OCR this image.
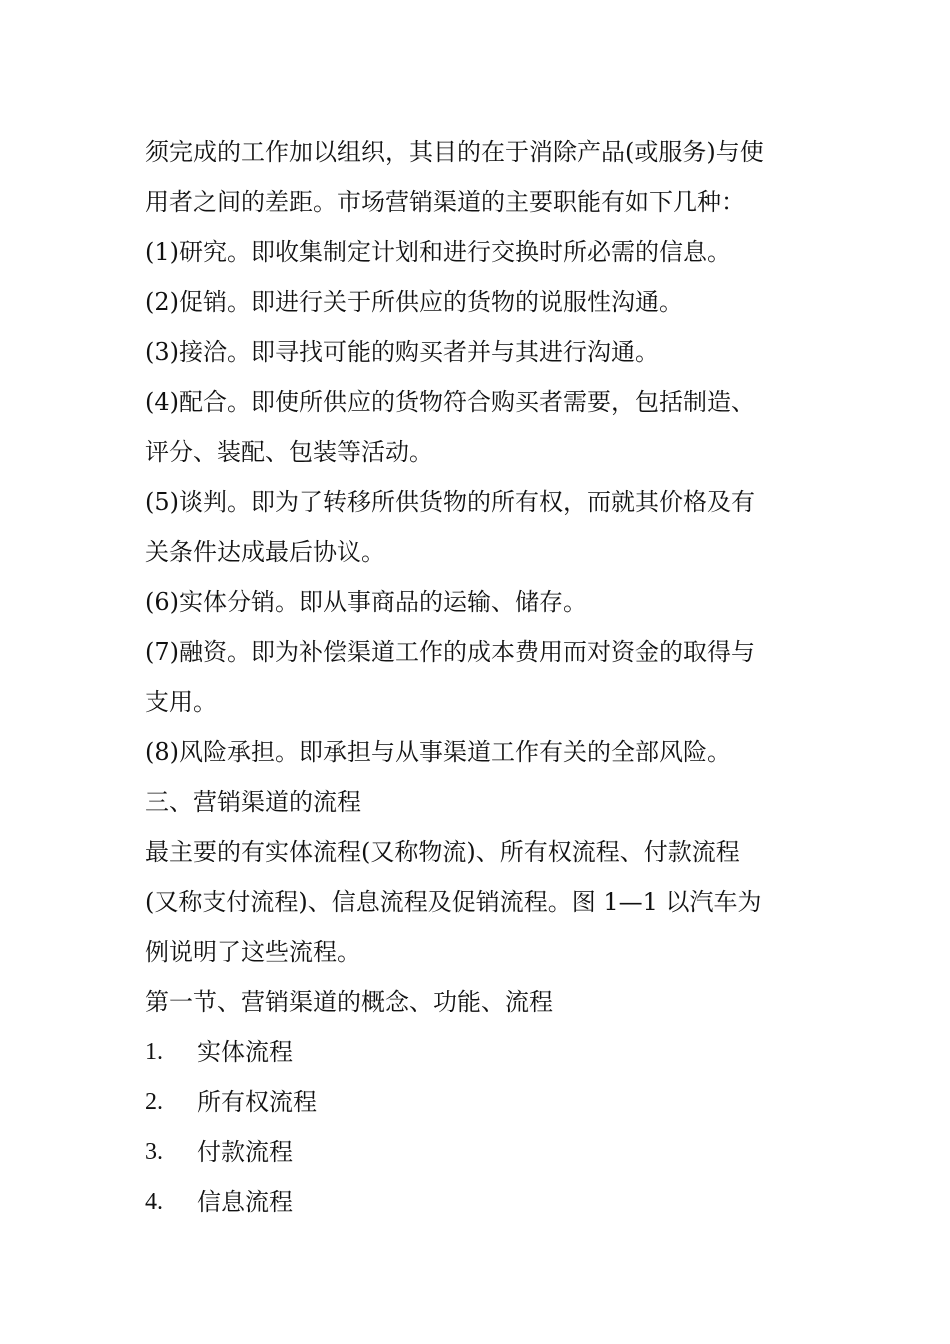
须完成的工作加以组织，其目的在于消除产品(或服务)与使
用者之间的差距。市场营销渠道的主要职能有如下几种：
(1)研究。即收集制定计划和进行交换时所必需的信息。
(2)促销。即进行关于所供应的货物的说服性沟通。
(3)接洽。即寻找可能的购买者并与其进行沟通。
(4)配合。即使所供应的货物符合购买者需要，包括制造、
评分、装配、包装等活动。
(5)谈判。即为了转移所供货物的所有权，而就其价格及有
关条件达成最后协议。
(6)实体分销。即从事商品的运输、储存。
(7)融资。即为补偿渠道工作的成本费用而对资金的取得与
支用。
(8)风险承担。即承担与从事渠道工作有关的全部风险。
三、营销渠道的流程
最主要的有实体流程(又称物流)、所有权流程、付款流程
(又称支付流程)、信息流程及促销流程。图 1—1 以汽车为
例说明了这些流程。
第一节、营销渠道的概念、功能、流程
1.	实体流程
2.	所有权流程
3.	付款流程
4.	信息流程
